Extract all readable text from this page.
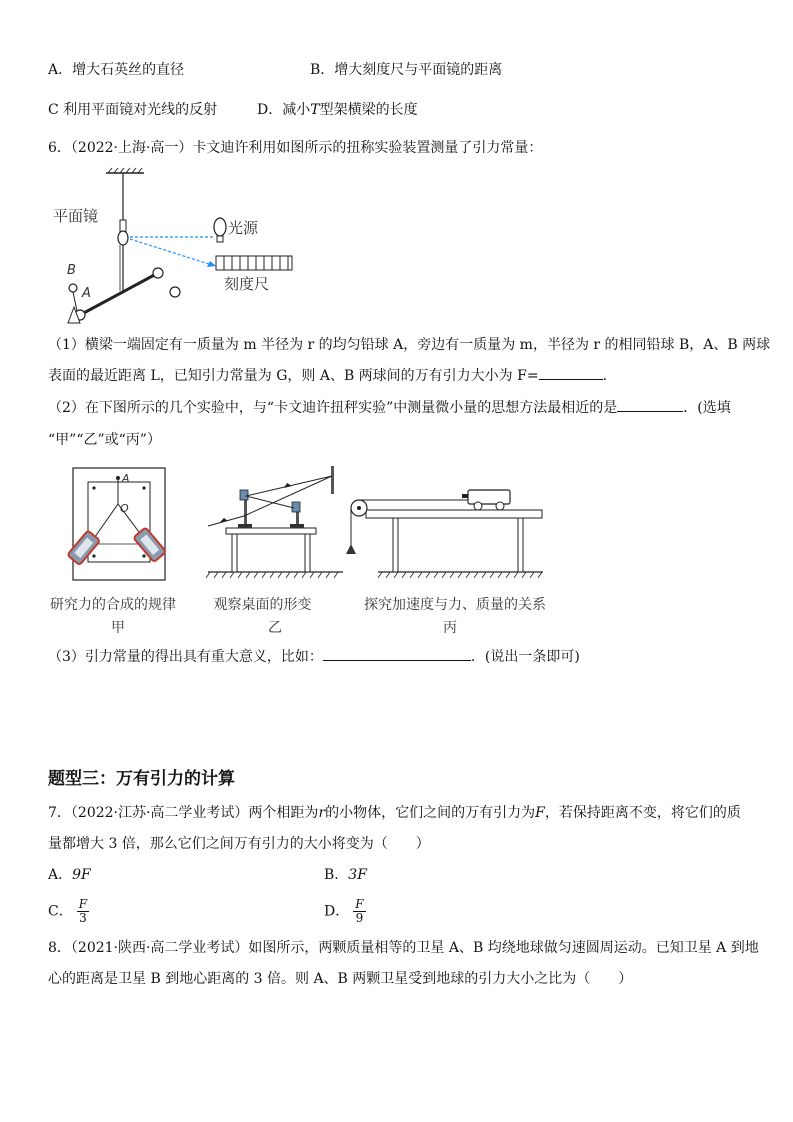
A．增大石英丝的直径	B．增大刻度尺与平面镜的距离
C 利用平面镜对光线的反射	D．减小T型架横梁的长度
6．（2022·上海·高一）卡文迪许利用如图所示的扭称实验装置测量了引力常量：
平面镜
B
A
光源
刻度尺
（1）横梁一端固定有一质量为 m 半径为 r 的均匀铅球 A，旁边有一质量为 m，半径为 r 的相同铅球 B，A、B 两球
表面的最近距离 L，已知引力常量为 G，则 A、B 两球间的万有引力大小为 F=	.
（2）在下图所示的几个实验中，与“卡文迪许扭秤实验”中测量微小量的思想方法最相近的是	．(选填
“甲”“乙”或“丙”）
A
O
研究力的合成的规律
甲
观察桌面的形变
乙
探究加速度与力、质量的关系
丙
（3）引力常量的得出具有重大意义，比如：	．(说出一条即可)
题型三：万有引力的计算
7．（2022·江苏·高二学业考试）两个相距为r的小物体，它们之间的万有引力为F，若保持距离不变，将它们的质
量都增大 3 倍，那么它们之间万有引力的大小将变为（　　）
A．9F	B．3F
C． $\frac{F}{3}$	D． $\frac{F}{9}$
8．（2021·陕西·高二学业考试）如图所示，两颗质量相等的卫星 A、B 均绕地球做匀速圆周运动。已知卫星 A 到地
心的距离是卫星 B 到地心距离的 3 倍。则 A、B 两颗卫星受到地球的引力大小之比为（　　）
